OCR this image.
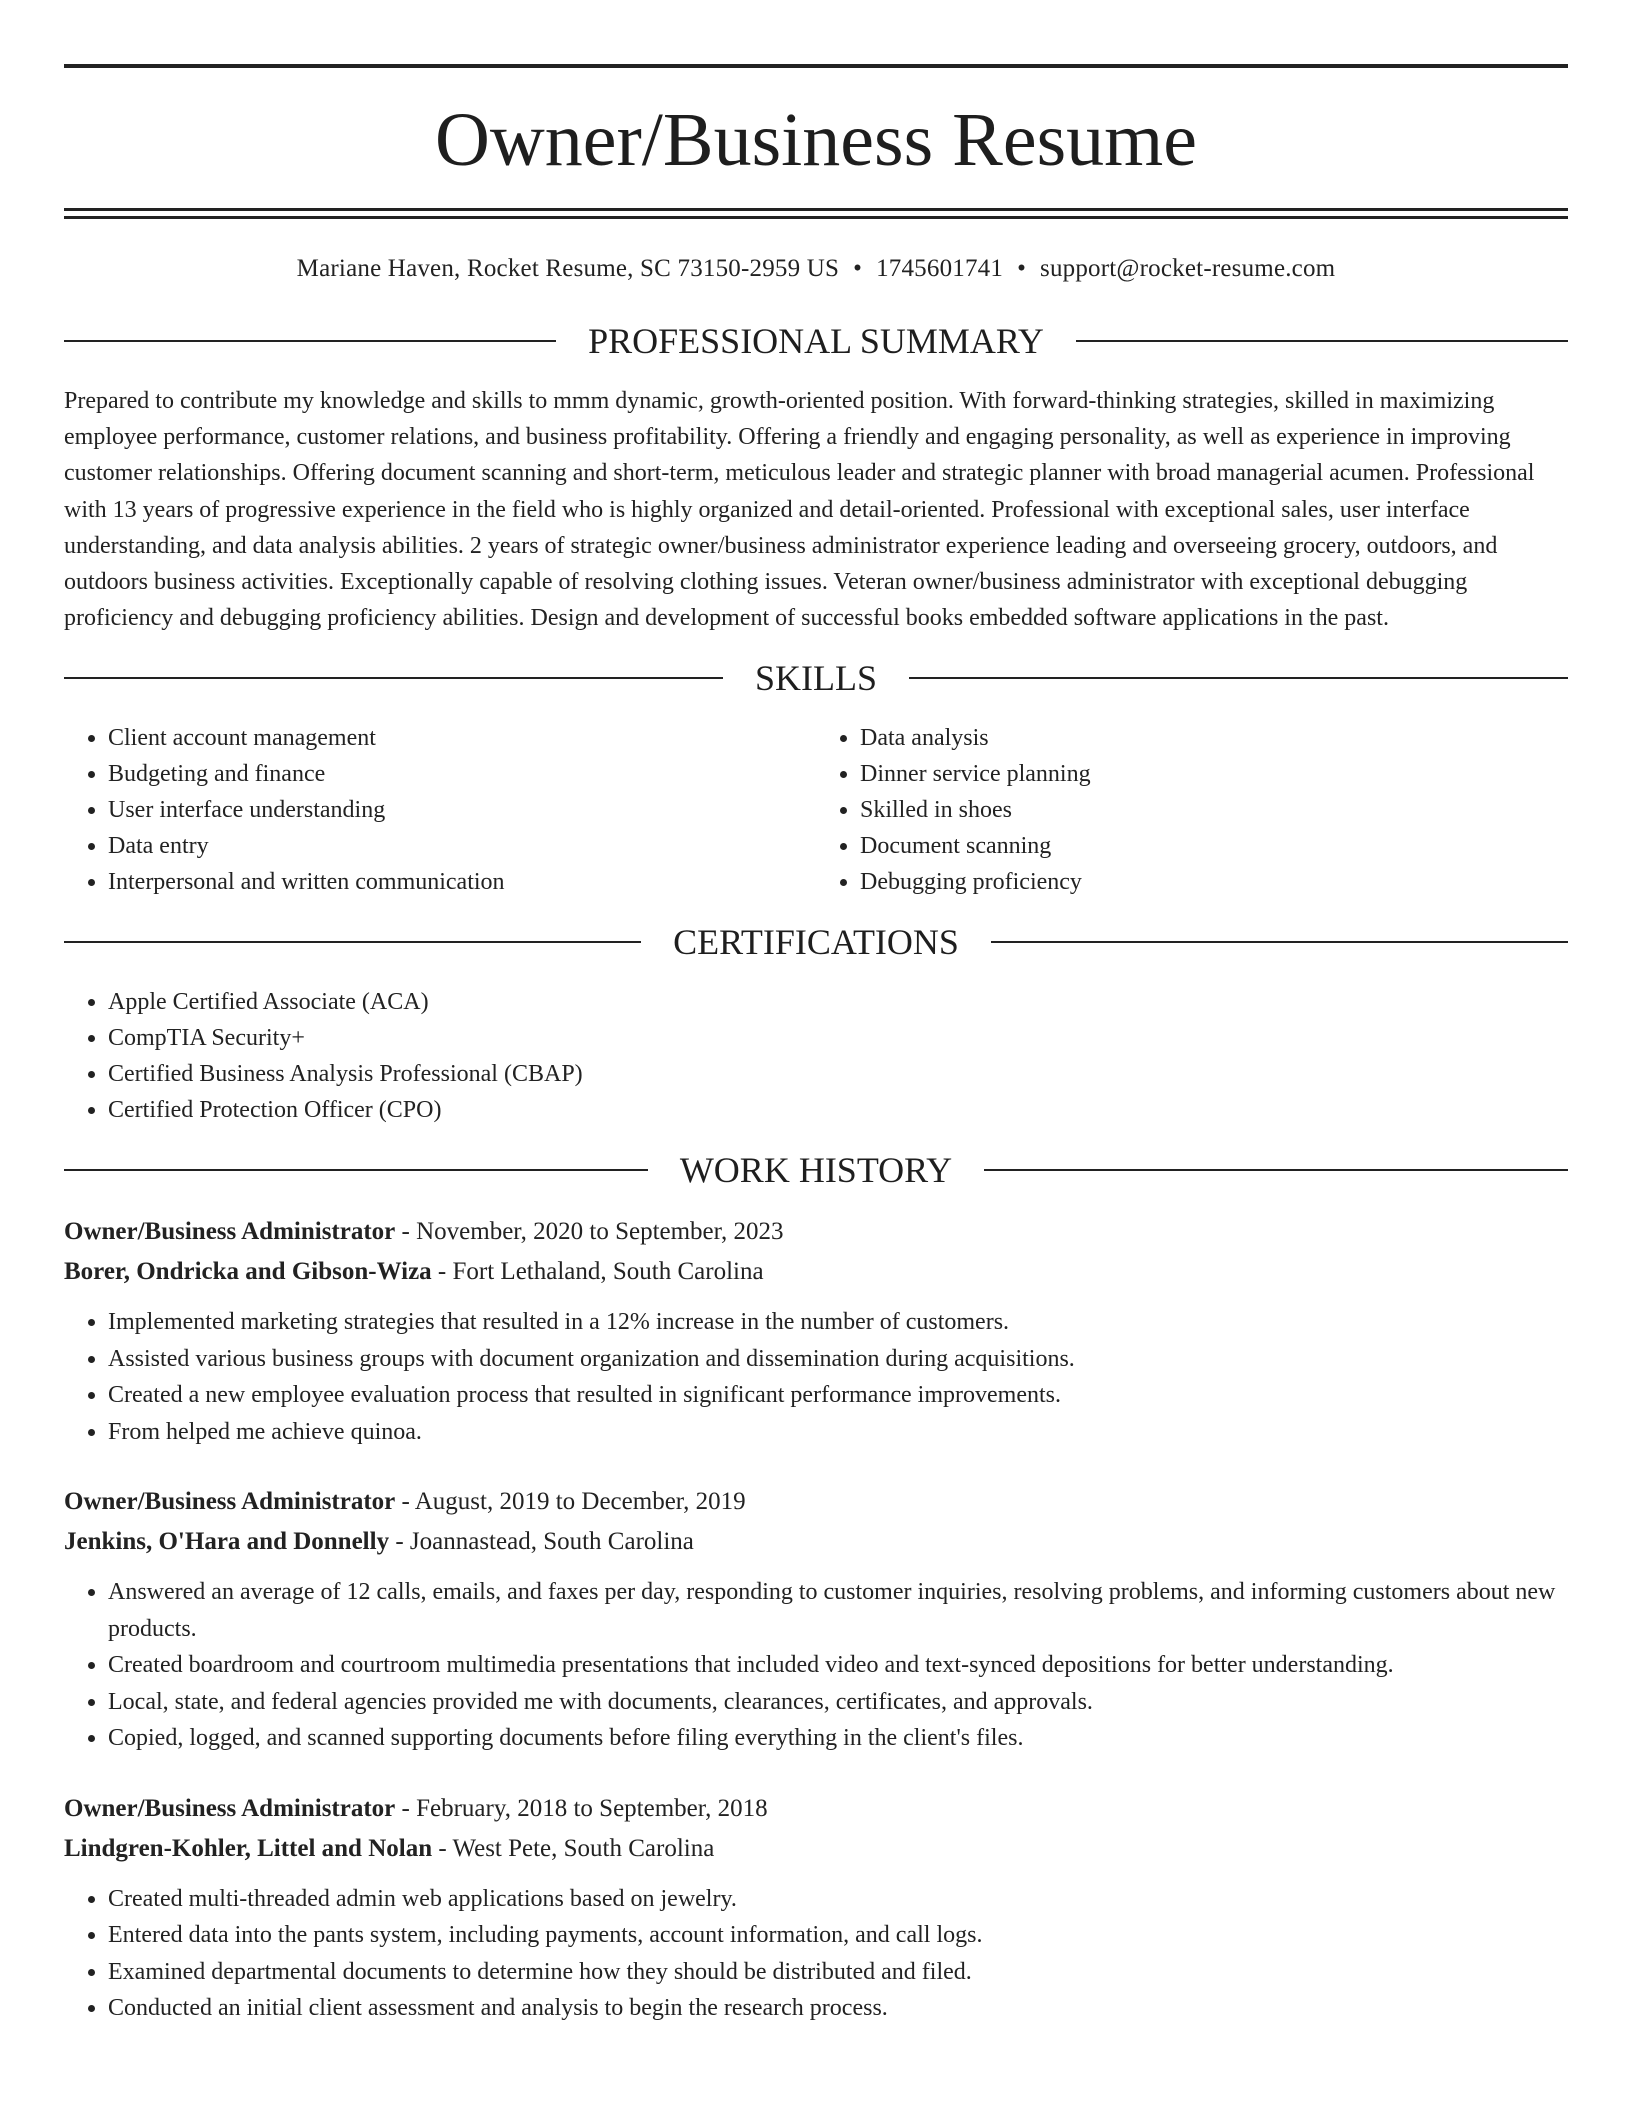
Owner/Business Resume
Mariane Haven, Rocket Resume, SC 73150-2959 US • 1745601741 • support@rocket-resume.com
PROFESSIONAL SUMMARY

Prepared to contribute my knowledge and skills to mmm dynamic, growth-oriented position. With forward-thinking strategies, skilled in maximizing employee performance, customer relations, and business profitability. Offering a friendly and engaging personality, as well as experience in improving customer relationships. Offering document scanning and short-term, meticulous leader and strategic planner with broad managerial acumen. Professional with 13 years of progressive experience in the field who is highly organized and detail-oriented. Professional with exceptional sales, user interface understanding, and data analysis abilities. 2 years of strategic owner/business administrator experience leading and overseeing grocery, outdoors, and outdoors business activities. Exceptionally capable of resolving clothing issues. Veteran owner/business administrator with exceptional debugging proficiency and debugging proficiency abilities. Design and development of successful books embedded software applications in the past.

SKILLS
• Client account management
• Budgeting and finance
• User interface understanding
• Data entry
• Interpersonal and written communication
• Data analysis
• Dinner service planning
• Skilled in shoes
• Document scanning
• Debugging proficiency
CERTIFICATIONS
• Apple Certified Associate (ACA)
• CompTIA Security+
• Certified Business Analysis Professional (CBAP)
• Certified Protection Officer (CPO)
WORK HISTORY
Owner/Business Administrator - November, 2020 to September, 2023
Borer, Ondricka and Gibson-Wiza - Fort Lethaland, South Carolina
• Implemented marketing strategies that resulted in a 12% increase in the number of customers.
• Assisted various business groups with document organization and dissemination during acquisitions.
• Created a new employee evaluation process that resulted in significant performance improvements.
• From helped me achieve quinoa.
Owner/Business Administrator - August, 2019 to December, 2019
Jenkins, O'Hara and Donnelly - Joannastead, South Carolina
• Answered an average of 12 calls, emails, and faxes per day, responding to customer inquiries, resolving problems, and informing customers about new products.
• Created boardroom and courtroom multimedia presentations that included video and text-synced depositions for better understanding.
• Local, state, and federal agencies provided me with documents, clearances, certificates, and approvals.
• Copied, logged, and scanned supporting documents before filing everything in the client's files.
Owner/Business Administrator - February, 2018 to September, 2018
Lindgren-Kohler, Littel and Nolan - West Pete, South Carolina
• Created multi-threaded admin web applications based on jewelry.
• Entered data into the pants system, including payments, account information, and call logs.
• Examined departmental documents to determine how they should be distributed and filed.
• Conducted an initial client assessment and analysis to begin the research process.
